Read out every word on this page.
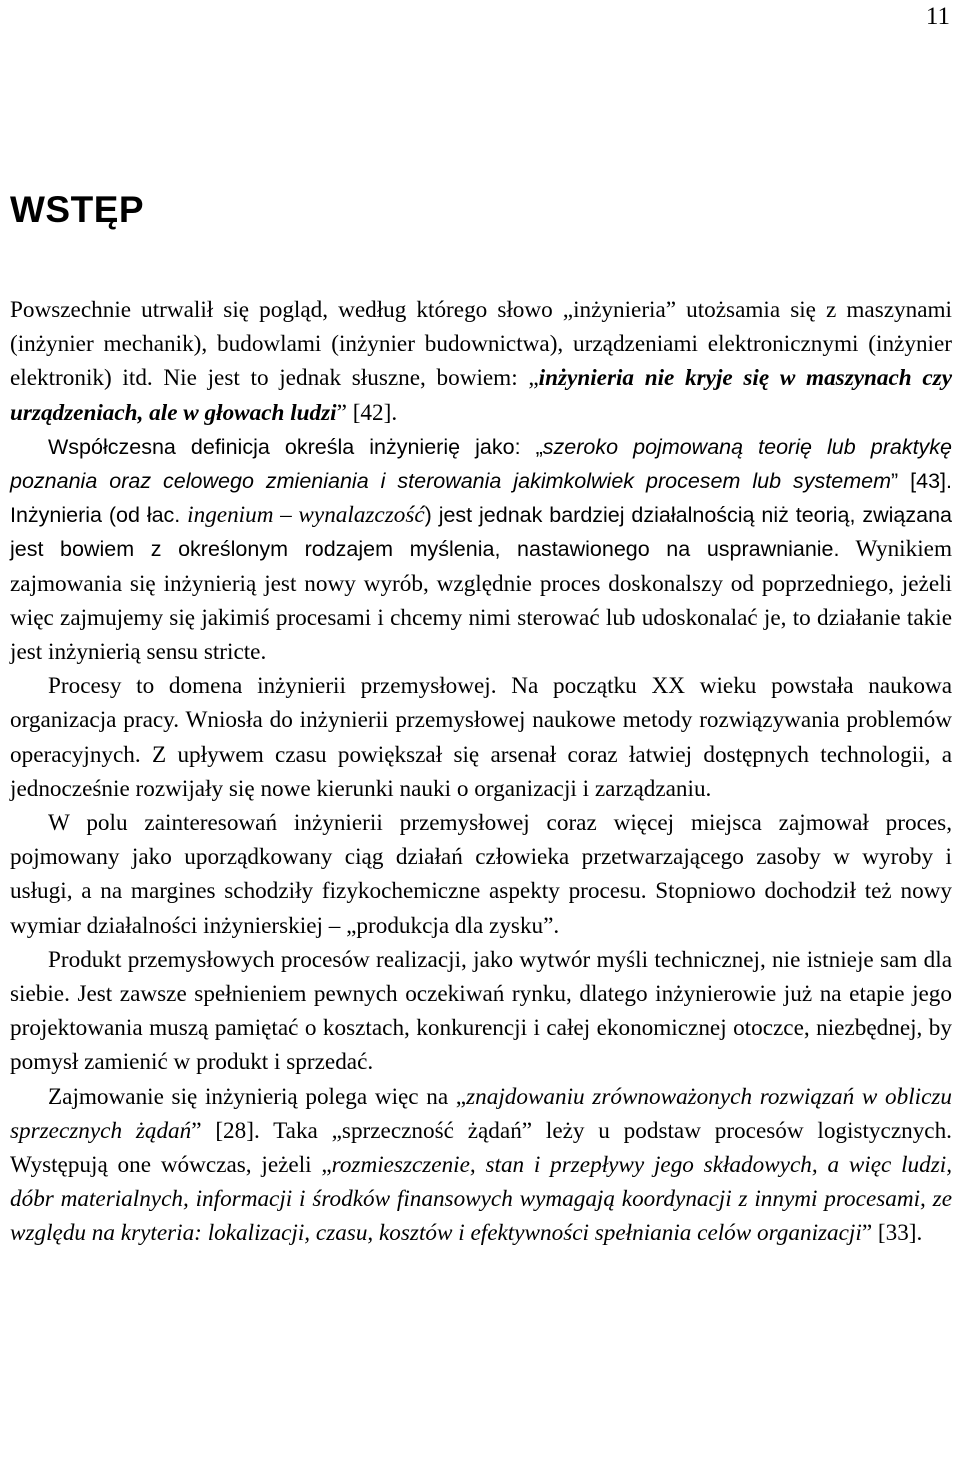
11
WSTĘP

Powszechnie utrwalił się pogląd, według którego słowo „inżynieria” utożsamia się z maszynami (inżynier mechanik), budowlami (inżynier budownictwa), urządzeniami elektronicznymi (inżynier elektronik) itd. Nie jest to jednak słuszne, bowiem: „inżynieria nie kryje się w maszynach czy urządzeniach, ale w głowach ludzi” [42].

Współczesna definicja określa inżynierię jako: „szeroko pojmowaną teorię lub praktykę poznania oraz celowego zmieniania i sterowania jakimkolwiek procesem lub systemem” [43]. Inżynieria (od łac. ingenium – wynalazczość) jest jednak bardziej działalnością niż teorią, związana jest bowiem z określonym rodzajem myślenia, nastawionego na usprawnianie. Wynikiem zajmowania się inżynierią jest nowy wyrób, względnie proces doskonalszy od poprzedniego, jeżeli więc zajmujemy się jakimiś procesami i chcemy nimi sterować lub udoskonalać je, to działanie takie jest inżynierią sensu stricte.

Procesy to domena inżynierii przemysłowej. Na początku XX wieku powstała naukowa organizacja pracy. Wniosła do inżynierii przemysłowej naukowe metody rozwiązywania problemów operacyjnych. Z upływem czasu powiększał się arsenał coraz łatwiej dostępnych technologii, a jednocześnie rozwijały się nowe kierunki nauki o organizacji i zarządzaniu.

W polu zainteresowań inżynierii przemysłowej coraz więcej miejsca zajmował proces, pojmowany jako uporządkowany ciąg działań człowieka przetwarzającego zasoby w wyroby i usługi, a na margines schodziły fizykochemiczne aspekty procesu. Stopniowo dochodził też nowy wymiar działalności inżynierskiej – „produkcja dla zysku”.

Produkt przemysłowych procesów realizacji, jako wytwór myśli technicznej, nie istnieje sam dla siebie. Jest zawsze spełnieniem pewnych oczekiwań rynku, dlatego inżynierowie już na etapie jego projektowania muszą pamiętać o kosztach, konkurencji i całej ekonomicznej otoczce, niezbędnej, by pomysł zamienić w produkt i sprzedać.

Zajmowanie się inżynierią polega więc na „znajdowaniu zrównoważonych rozwiązań w obliczu sprzecznych żądań” [28]. Taka „sprzeczność żądań” leży u podstaw procesów logistycznych. Występują one wówczas, jeżeli „rozmieszczenie, stan i przepływy jego składowych, a więc ludzi, dóbr materialnych, informacji i środków finansowych wymagają koordynacji z innymi procesami, ze względu na kryteria: lokalizacji, czasu, kosztów i efektywności spełniania celów organizacji” [33].
